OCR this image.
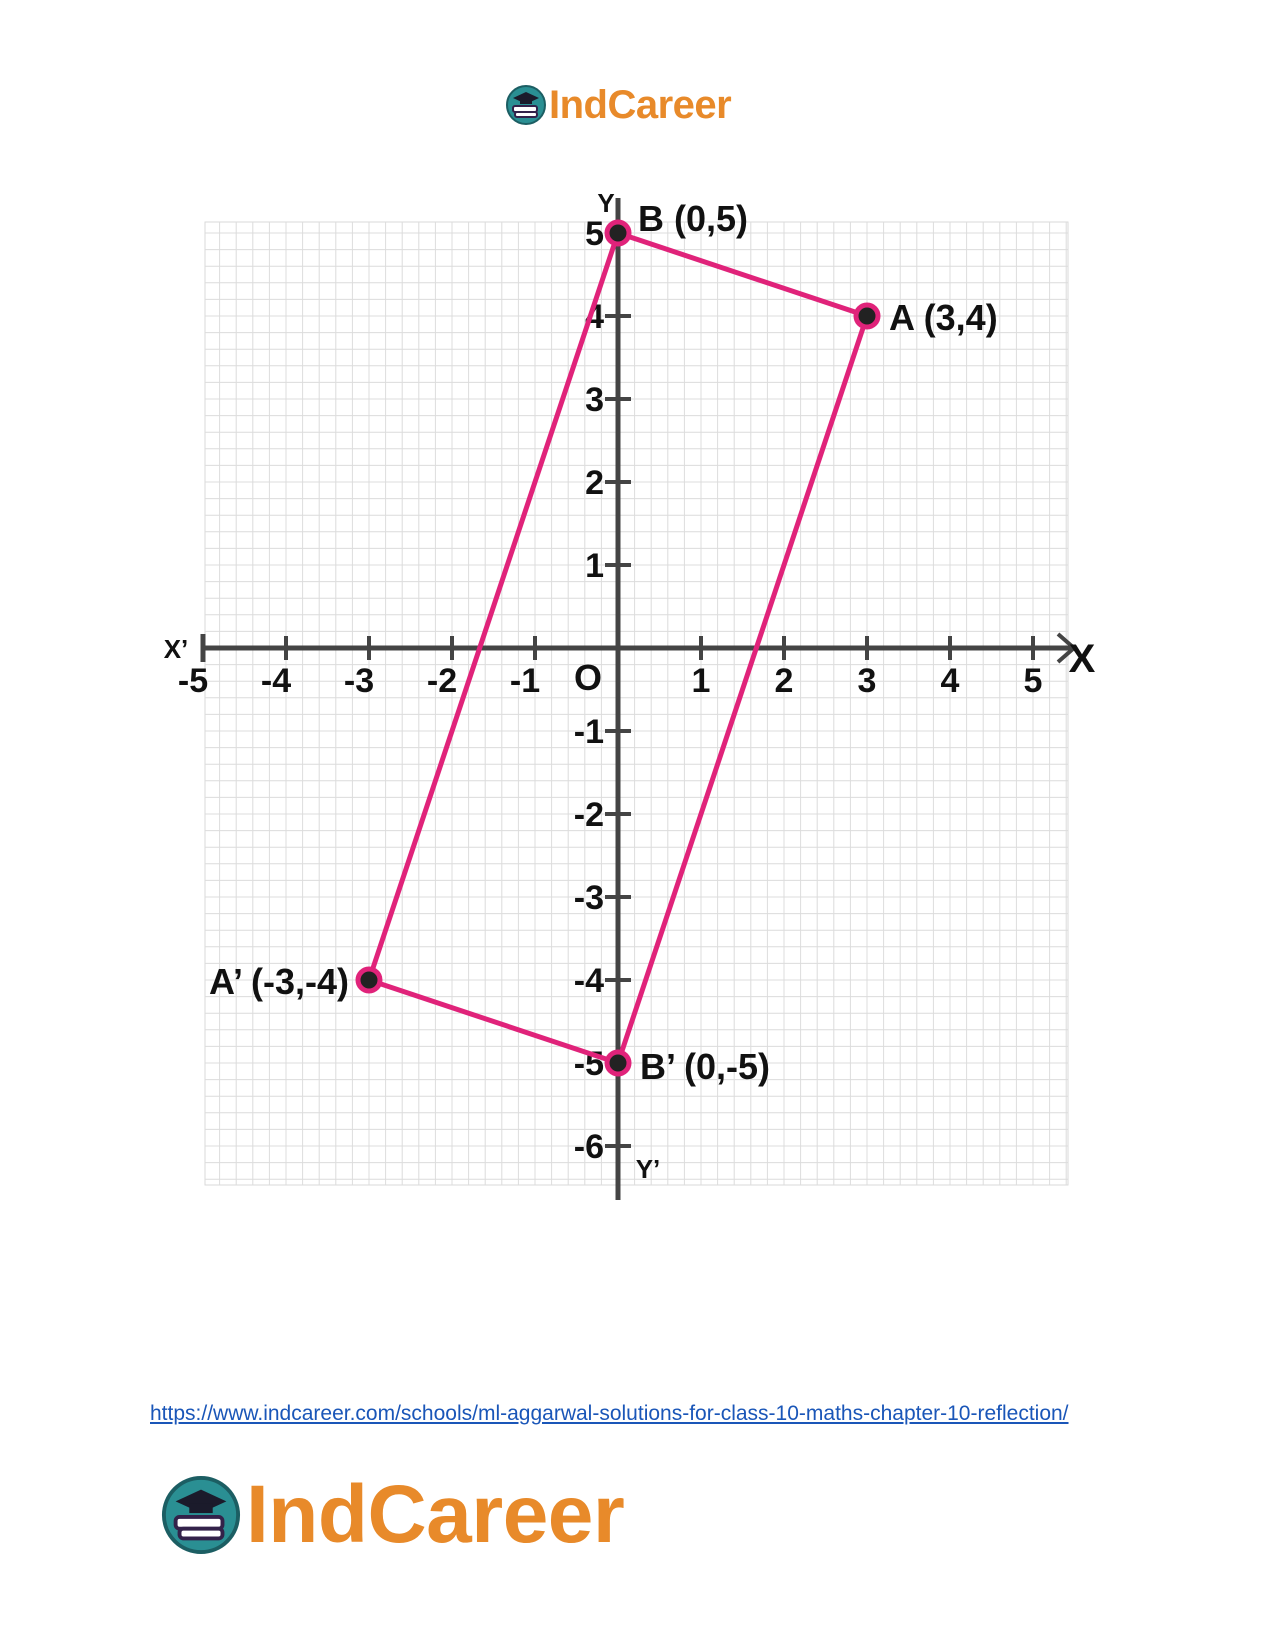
IndCareer
-5 -4 -3 -2 -1	1 2 3 4 5
5
4
3
2
1
-1
-2
-3
-4
-5
-6
B (0,5)
A (3,4)
A’ (-3,-4)
B’ (0,-5)
Y
Y’
X’	X
O
https://www.indcareer.com/schools/ml-aggarwal-solutions-for-class-10-maths-chapter-10-reflection/
IndCareer
